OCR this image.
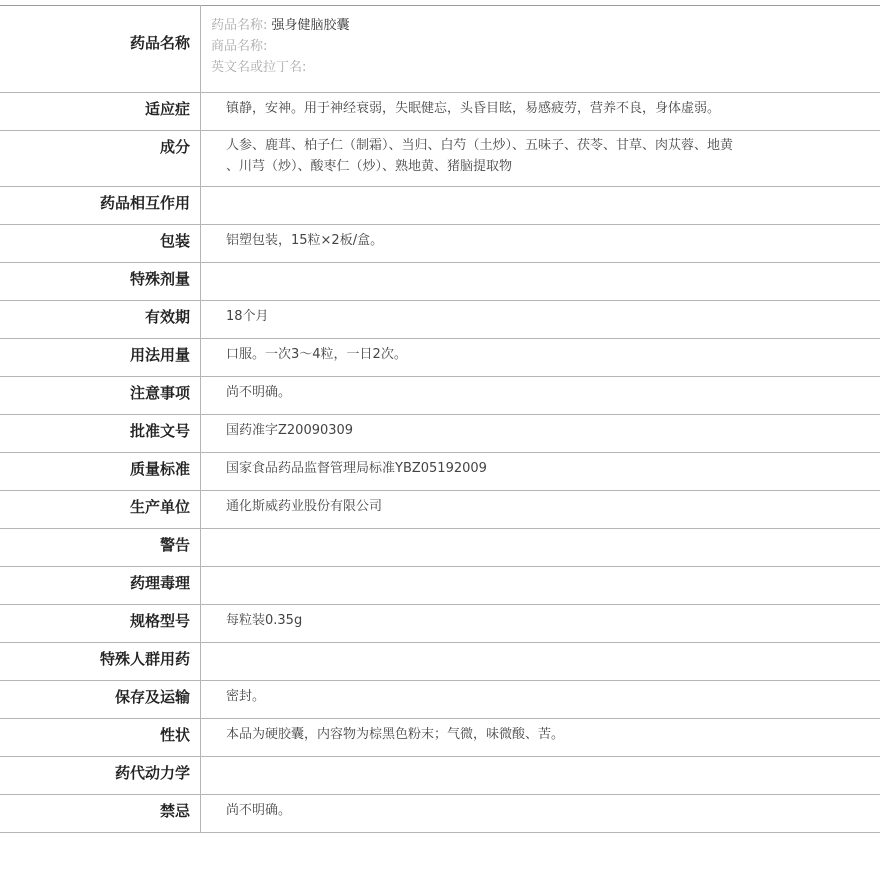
药品名称	药品名称: 强身健脑胶囊
商品名称:
英文名或拉丁名:

适应症	镇静，安神。用于神经衰弱，失眠健忘，头昏目眩，易感疲劳，营养不良，身体虚弱。

成分	人参、鹿茸、柏子仁（制霜）、当归、白芍（土炒）、五味子、茯苓、甘草、肉苁蓉、地黄
、川芎（炒）、酸枣仁（炒）、熟地黄、猪脑提取物

药品相互作用	

包装	铝塑包装，15粒×2板/盒。

特殊剂量	

有效期	18个月

用法用量	口服。一次3～4粒，一日2次。

注意事项	尚不明确。

批准文号	国药准字Z20090309

质量标准	国家食品药品监督管理局标准YBZ05192009

生产单位	通化斯威药业股份有限公司

警告	

药理毒理	

规格型号	每粒装0.35g

特殊人群用药	

保存及运输	密封。

性状	本品为硬胶囊，内容物为棕黑色粉末；气微，味微酸、苦。

药代动力学	

禁忌	尚不明确。
